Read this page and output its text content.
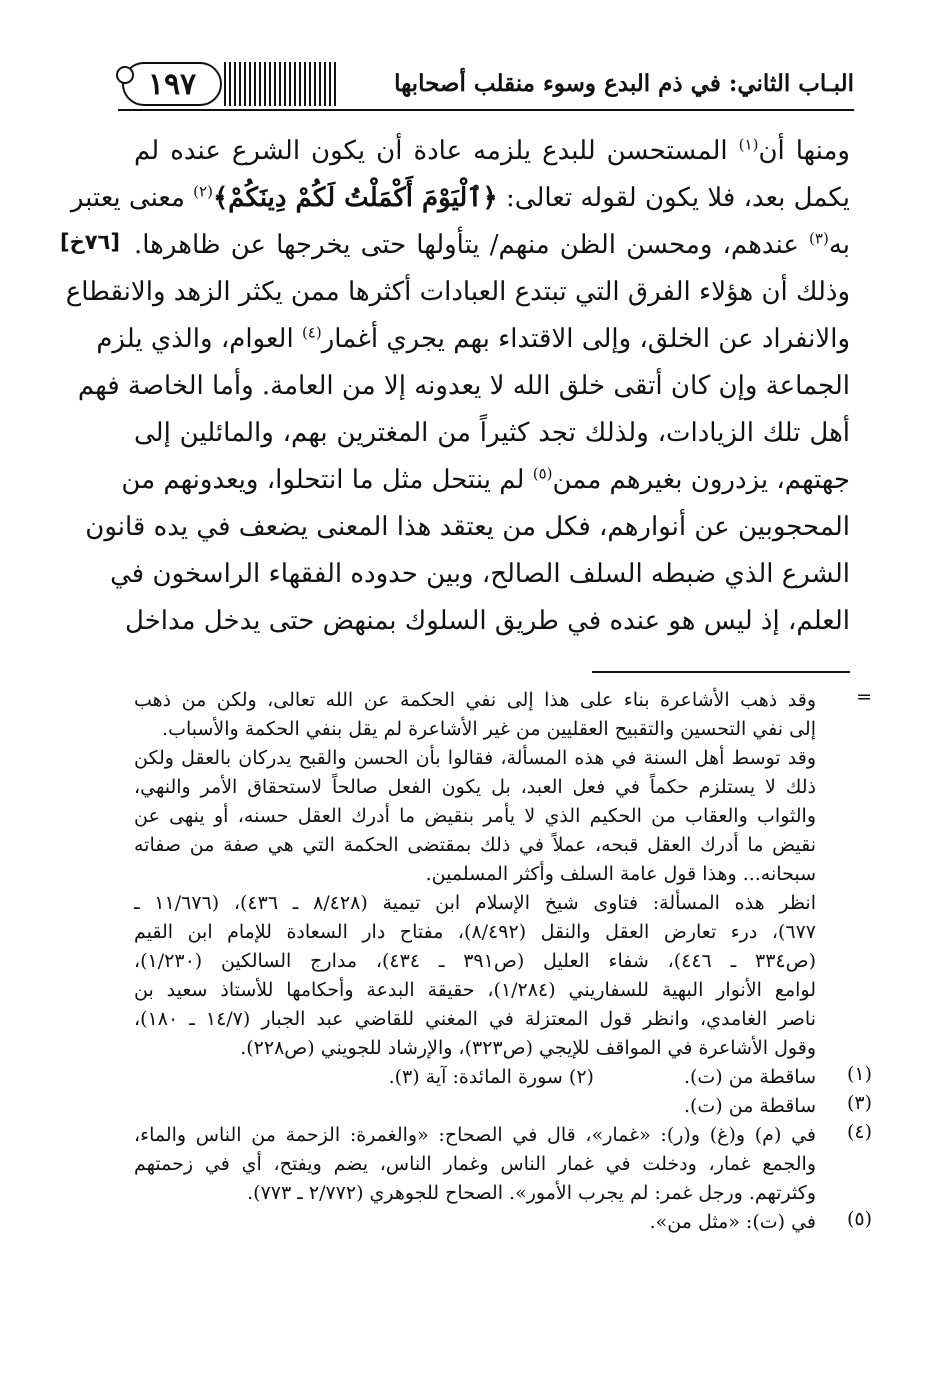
البـاب الثاني: في ذم البدع وسوء منقلب أصحابها
١٩٧
[٧٦خ]
ومنها أن$^{(١)}$ المستحسن للبدع يلزمه عادة أن يكون الشرع عنده لم
يكمل بعد، فلا يكون لقوله تعالى: ﴿ٱلْيَوْمَ أَكْمَلْتُ لَكُمْ دِينَكُمْ﴾$^{(٢)}$ معنى يعتبر
به$^{(٣)}$ عندهم، ومحسن الظن منهم/ يتأولها حتى يخرجها عن ظاهرها.
وذلك أن هؤلاء الفرق التي تبتدع العبادات أكثرها ممن يكثر الزهد والانقطاع
والانفراد عن الخلق، وإلى الاقتداء بهم يجري أغمار$^{(٤)}$ العوام، والذي يلزم
الجماعة وإن كان أتقى خلق الله لا يعدونه إلا من العامة. وأما الخاصة فهم
أهل تلك الزيادات، ولذلك تجد كثيراً من المغترين بهم، والمائلين إلى
جهتهم، يزدرون بغيرهم ممن$^{(٥)}$ لم ينتحل مثل ما انتحلوا، ويعدونهم من
المحجوبين عن أنوارهم، فكل من يعتقد هذا المعنى يضعف في يده قانون
الشرع الذي ضبطه السلف الصالح، وبين حدوده الفقهاء الراسخون في
العلم، إذ ليس هو عنده في طريق السلوك بمنهض حتى يدخل مداخل
=
وقد ذهب الأشاعرة بناء على هذا إلى نفي الحكمة عن الله تعالى، ولكن من ذهب
إلى نفي التحسين والتقبيح العقليين من غير الأشاعرة لم يقل بنفي الحكمة والأسباب.
وقد توسط أهل السنة في هذه المسألة، فقالوا بأن الحسن والقبح يدركان بالعقل ولكن
ذلك لا يستلزم حكماً في فعل العبد، بل يكون الفعل صالحاً لاستحقاق الأمر والنهي،
والثواب والعقاب من الحكيم الذي لا يأمر بنقيض ما أدرك العقل حسنه، أو ينهى عن
نقيض ما أدرك العقل قبحه، عملاً في ذلك بمقتضى الحكمة التي هي صفة من صفاته
سبحانه... وهذا قول عامة السلف وأكثر المسلمين.
انظر هذه المسألة: فتاوى شيخ الإسلام ابن تيمية (٨/٤٢٨ ـ ٤٣٦)، (١١/٦٧٦ ـ
٦٧٧)، درء تعارض العقل والنقل (٨/٤٩٢)، مفتاح دار السعادة للإمام ابن القيم
(ص٣٣٤ ـ ٤٤٦)، شفاء العليل (ص٣٩١ ـ ٤٣٤)، مدارج السالكين (١/٢٣٠)،
لوامع الأنوار البهية للسفاريني (١/٢٨٤)، حقيقة البدعة وأحكامها للأستاذ سعيد بن
ناصر الغامدي، وانظر قول المعتزلة في المغني للقاضي عبد الجبار (١٤/٧ ـ ١٨٠)،
وقول الأشاعرة في المواقف للإيجي (ص٣٢٣)، والإرشاد للجويني (ص٢٢٨).
(١)
ساقطة من (ت).
(٢) سورة المائدة: آية (٣).
(٣)
ساقطة من (ت).
(٤)
في (م) و(غ) و(ر): «غمار»، قال في الصحاح: «والغمرة: الزحمة من الناس والماء،
والجمع غمار، ودخلت في غمار الناس وغمار الناس، يضم ويفتح، أي في زحمتهم
وكثرتهم. ورجل غمر: لم يجرب الأمور». الصحاح للجوهري (٢/٧٧٢ ـ ٧٧٣).
(٥)
في (ت): «مثل من».
